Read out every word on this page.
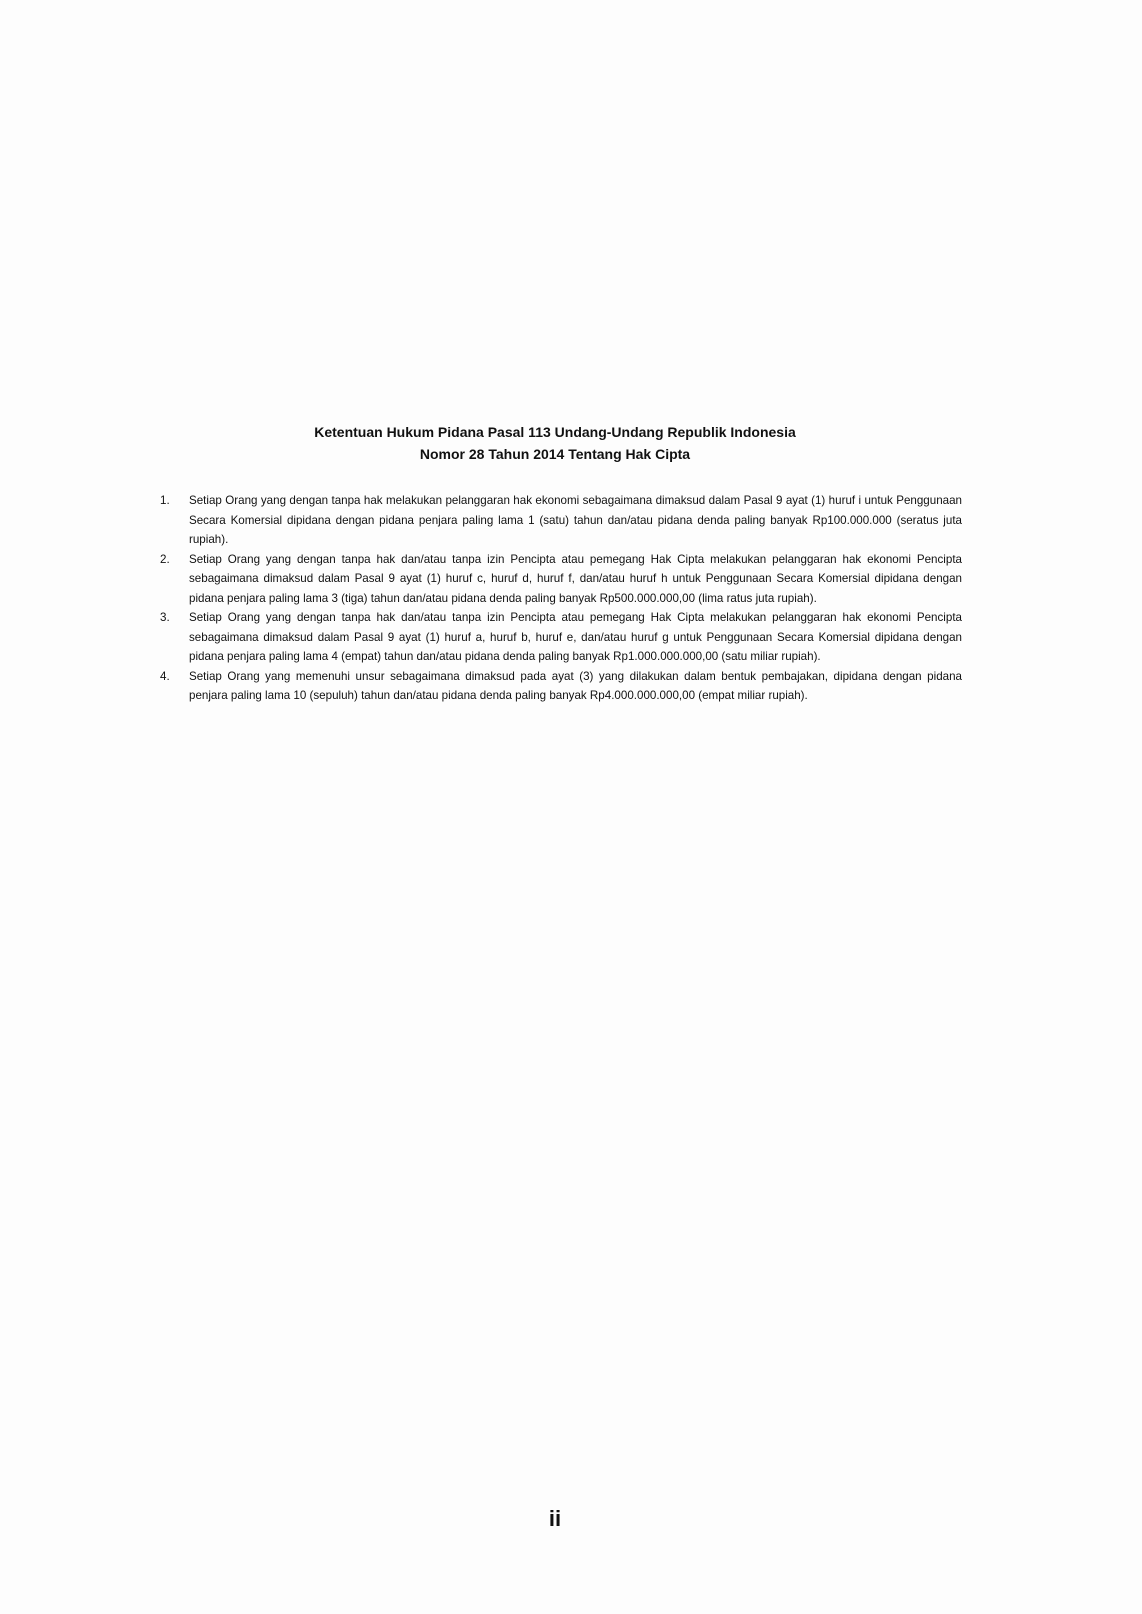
Ketentuan Hukum Pidana Pasal 113 Undang-Undang Republik Indonesia
Nomor 28 Tahun 2014 Tentang Hak Cipta
1.	Setiap Orang yang dengan tanpa hak melakukan pelanggaran hak ekonomi sebagaimana dimaksud dalam Pasal 9 ayat (1) huruf i untuk Penggunaan Secara Komersial dipidana dengan pidana penjara paling lama 1 (satu) tahun dan/atau pidana denda paling banyak Rp100.000.000 (seratus juta rupiah).
2.	Setiap Orang yang dengan tanpa hak dan/atau tanpa izin Pencipta atau pemegang Hak Cipta melakukan pelanggaran hak ekonomi Pencipta sebagaimana dimaksud dalam Pasal 9 ayat (1) huruf c, huruf d, huruf f, dan/atau huruf h untuk Penggunaan Secara Komersial dipidana dengan pidana penjara paling lama 3 (tiga) tahun dan/atau pidana denda paling banyak Rp500.000.000,00 (lima ratus juta rupiah).
3.	Setiap Orang yang dengan tanpa hak dan/atau tanpa izin Pencipta atau pemegang Hak Cipta melakukan pelanggaran hak ekonomi Pencipta sebagaimana dimaksud dalam Pasal 9 ayat (1) huruf a, huruf b, huruf e, dan/atau huruf g untuk Penggunaan Secara Komersial dipidana dengan pidana penjara paling lama 4 (empat) tahun dan/atau pidana denda paling banyak Rp1.000.000.000,00 (satu miliar rupiah).
4.	Setiap Orang yang memenuhi unsur sebagaimana dimaksud pada ayat (3) yang dilakukan dalam bentuk pembajakan, dipidana dengan pidana penjara paling lama 10 (sepuluh) tahun dan/atau pidana denda paling banyak Rp4.000.000.000,00 (empat miliar rupiah).
ii
